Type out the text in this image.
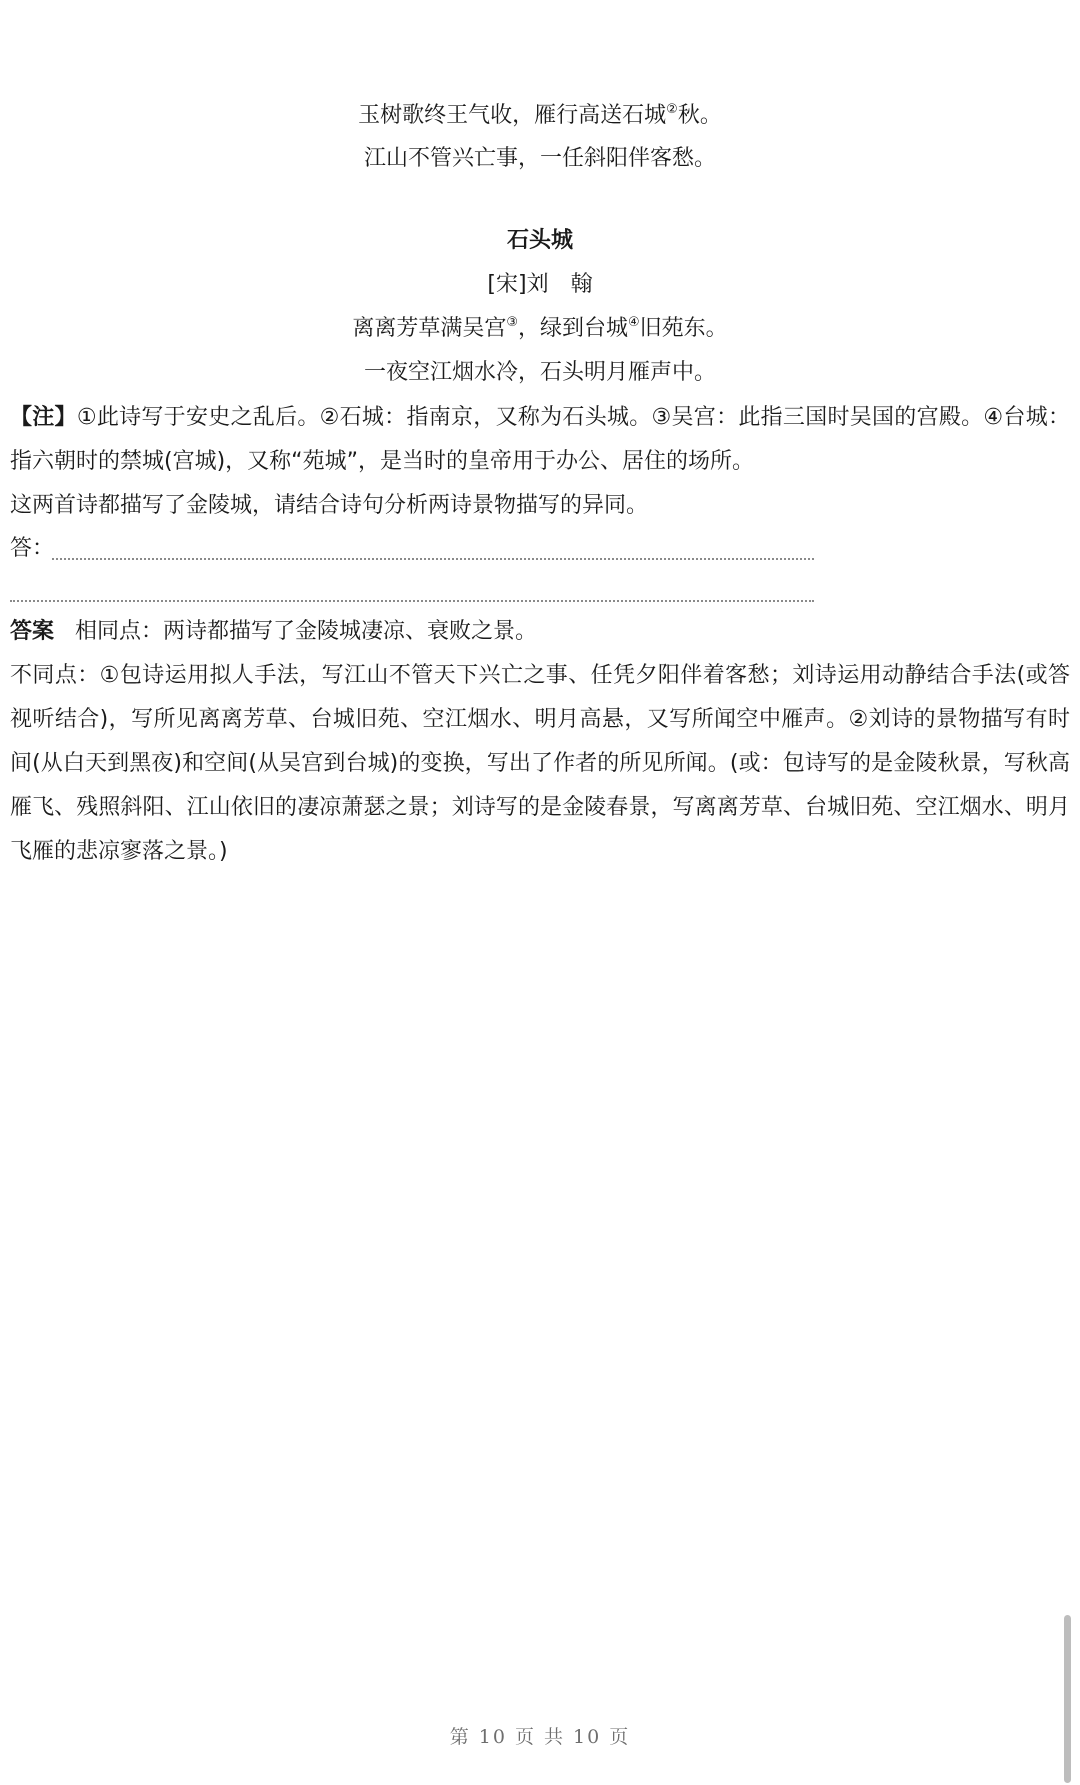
玉树歌终王气收，雁行高送石城②秋。
江山不管兴亡事，一任斜阳伴客愁。
石头城
[宋]刘　翰
离离芳草满吴宫③，绿到台城④旧苑东。
一夜空江烟水冷，石头明月雁声中。
【注】①此诗写于安史之乱后。②石城：指南京，又称为石头城。③吴宫：此指三国时吴国的宫殿。④台城：指六朝时的禁城(宫城)，又称“苑城”，是当时的皇帝用于办公、居住的场所。
这两首诗都描写了金陵城，请结合诗句分析两诗景物描写的异同。
答：
答案 相同点：两诗都描写了金陵城凄凉、衰败之景。
不同点：①包诗运用拟人手法，写江山不管天下兴亡之事、任凭夕阳伴着客愁；刘诗运用动静结合手法(或答视听结合)，写所见离离芳草、台城旧苑、空江烟水、明月高悬，又写所闻空中雁声。②刘诗的景物描写有时间(从白天到黑夜)和空间(从吴宫到台城)的变换，写出了作者的所见所闻。(或：包诗写的是金陵秋景，写秋高雁飞、残照斜阳、江山依旧的凄凉萧瑟之景；刘诗写的是金陵春景，写离离芳草、台城旧苑、空江烟水、明月飞雁的悲凉寥落之景。)
第 10 页 共 10 页
